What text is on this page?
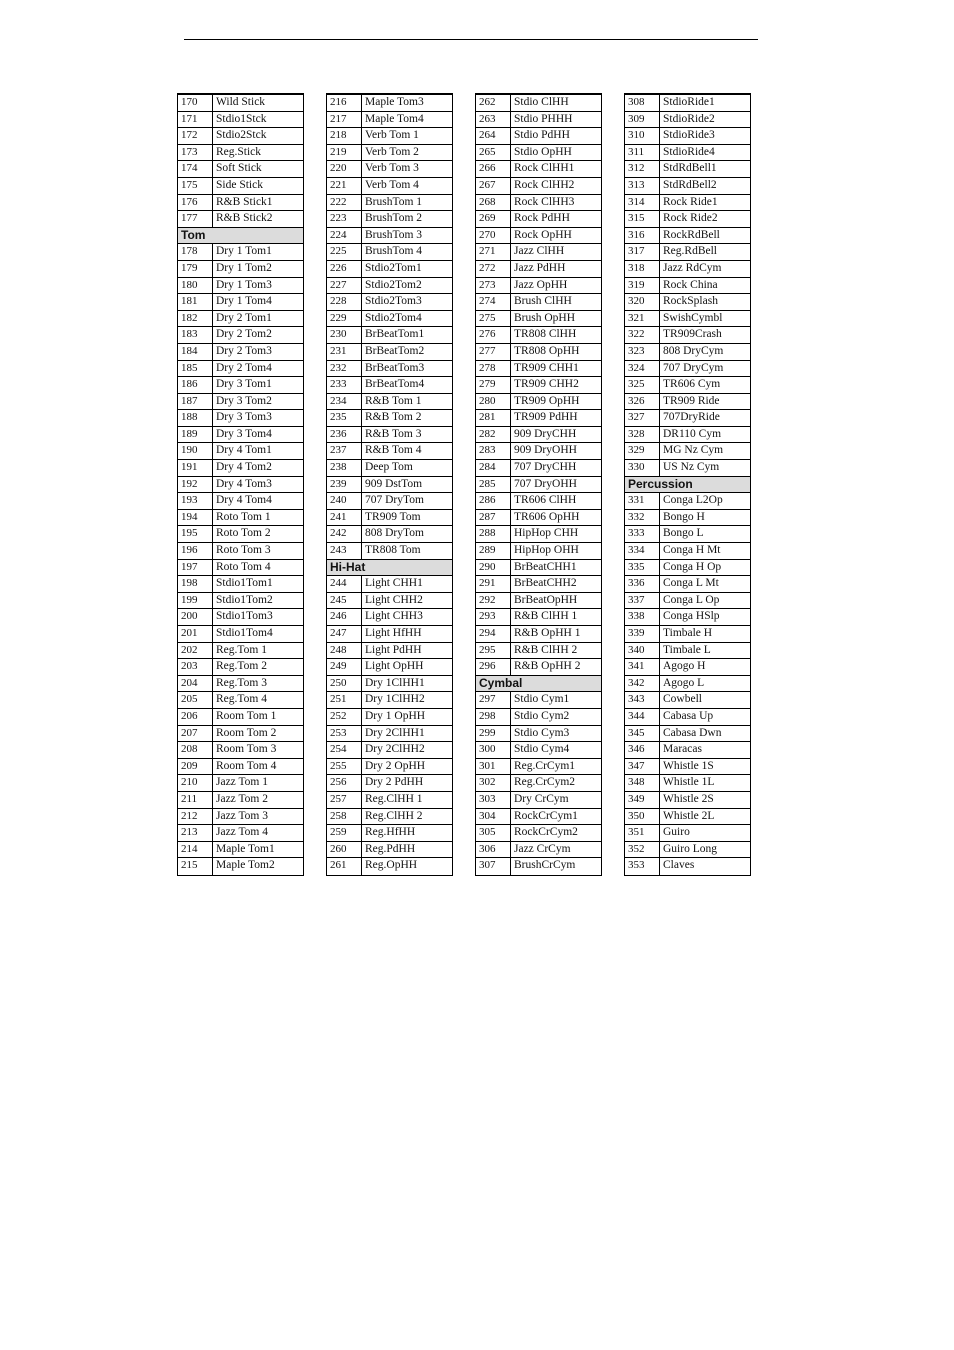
170	Wild Stick
171	Stdio1Stck
172	Stdio2Stck
173	Reg.Stick
174	Soft Stick
175	Side Stick
176	R&B Stick1
177	R&B Stick2
Tom
178	Dry 1 Tom1
179	Dry 1 Tom2
180	Dry 1 Tom3
181	Dry 1 Tom4
182	Dry 2 Tom1
183	Dry 2 Tom2
184	Dry 2 Tom3
185	Dry 2 Tom4
186	Dry 3 Tom1
187	Dry 3 Tom2
188	Dry 3 Tom3
189	Dry 3 Tom4
190	Dry 4 Tom1
191	Dry 4 Tom2
192	Dry 4 Tom3
193	Dry 4 Tom4
194	Roto Tom 1
195	Roto Tom 2
196	Roto Tom 3
197	Roto Tom 4
198	Stdio1Tom1
199	Stdio1Tom2
200	Stdio1Tom3
201	Stdio1Tom4
202	Reg.Tom 1
203	Reg.Tom 2
204	Reg.Tom 3
205	Reg.Tom 4
206	Room Tom 1
207	Room Tom 2
208	Room Tom 3
209	Room Tom 4
210	Jazz Tom 1
211	Jazz Tom 2
212	Jazz Tom 3
213	Jazz Tom 4
214	Maple Tom1
215	Maple Tom2
216	Maple Tom3
217	Maple Tom4
218	Verb Tom 1
219	Verb Tom 2
220	Verb Tom 3
221	Verb Tom 4
222	BrushTom 1
223	BrushTom 2
224	BrushTom 3
225	BrushTom 4
226	Stdio2Tom1
227	Stdio2Tom2
228	Stdio2Tom3
229	Stdio2Tom4
230	BrBeatTom1
231	BrBeatTom2
232	BrBeatTom3
233	BrBeatTom4
234	R&B Tom 1
235	R&B Tom 2
236	R&B Tom 3
237	R&B Tom 4
238	Deep Tom
239	909 DstTom
240	707 DryTom
241	TR909 Tom
242	808 DryTom
243	TR808 Tom
Hi-Hat
244	Light CHH1
245	Light CHH2
246	Light CHH3
247	Light HfHH
248	Light PdHH
249	Light OpHH
250	Dry 1ClHH1
251	Dry 1ClHH2
252	Dry 1 OpHH
253	Dry 2ClHH1
254	Dry 2ClHH2
255	Dry 2 OpHH
256	Dry 2 PdHH
257	Reg.ClHH 1
258	Reg.ClHH 2
259	Reg.HfHH
260	Reg.PdHH
261	Reg.OpHH
262	Stdio ClHH
263	Stdio PHHH
264	Stdio PdHH
265	Stdio OpHH
266	Rock ClHH1
267	Rock ClHH2
268	Rock ClHH3
269	Rock PdHH
270	Rock OpHH
271	Jazz ClHH
272	Jazz PdHH
273	Jazz OpHH
274	Brush ClHH
275	Brush OpHH
276	TR808 ClHH
277	TR808 OpHH
278	TR909 CHH1
279	TR909 CHH2
280	TR909 OpHH
281	TR909 PdHH
282	909 DryCHH
283	909 DryOHH
284	707 DryCHH
285	707 DryOHH
286	TR606 ClHH
287	TR606 OpHH
288	HipHop CHH
289	HipHop OHH
290	BrBeatCHH1
291	BrBeatCHH2
292	BrBeatOpHH
293	R&B ClHH 1
294	R&B OpHH 1
295	R&B ClHH 2
296	R&B OpHH 2
Cymbal
297	Stdio Cym1
298	Stdio Cym2
299	Stdio Cym3
300	Stdio Cym4
301	Reg.CrCym1
302	Reg.CrCym2
303	Dry CrCym
304	RockCrCym1
305	RockCrCym2
306	Jazz CrCym
307	BrushCrCym
308	StdioRide1
309	StdioRide2
310	StdioRide3
311	StdioRide4
312	StdRdBell1
313	StdRdBell2
314	Rock Ride1
315	Rock Ride2
316	RockRdBell
317	Reg.RdBell
318	Jazz RdCym
319	Rock China
320	RockSplash
321	SwishCymbl
322	TR909Crash
323	808 DryCym
324	707 DryCym
325	TR606 Cym
326	TR909 Ride
327	707DryRide
328	DR110 Cym
329	MG Nz Cym
330	US Nz Cym
Percussion
331	Conga L2Op
332	Bongo H
333	Bongo L
334	Conga H Mt
335	Conga H Op
336	Conga L Mt
337	Conga L Op
338	Conga HSlp
339	Timbale H
340	Timbale L
341	Agogo H
342	Agogo L
343	Cowbell
344	Cabasa Up
345	Cabasa Dwn
346	Maracas
347	Whistle 1S
348	Whistle 1L
349	Whistle 2S
350	Whistle 2L
351	Guiro
352	Guiro Long
353	Claves
